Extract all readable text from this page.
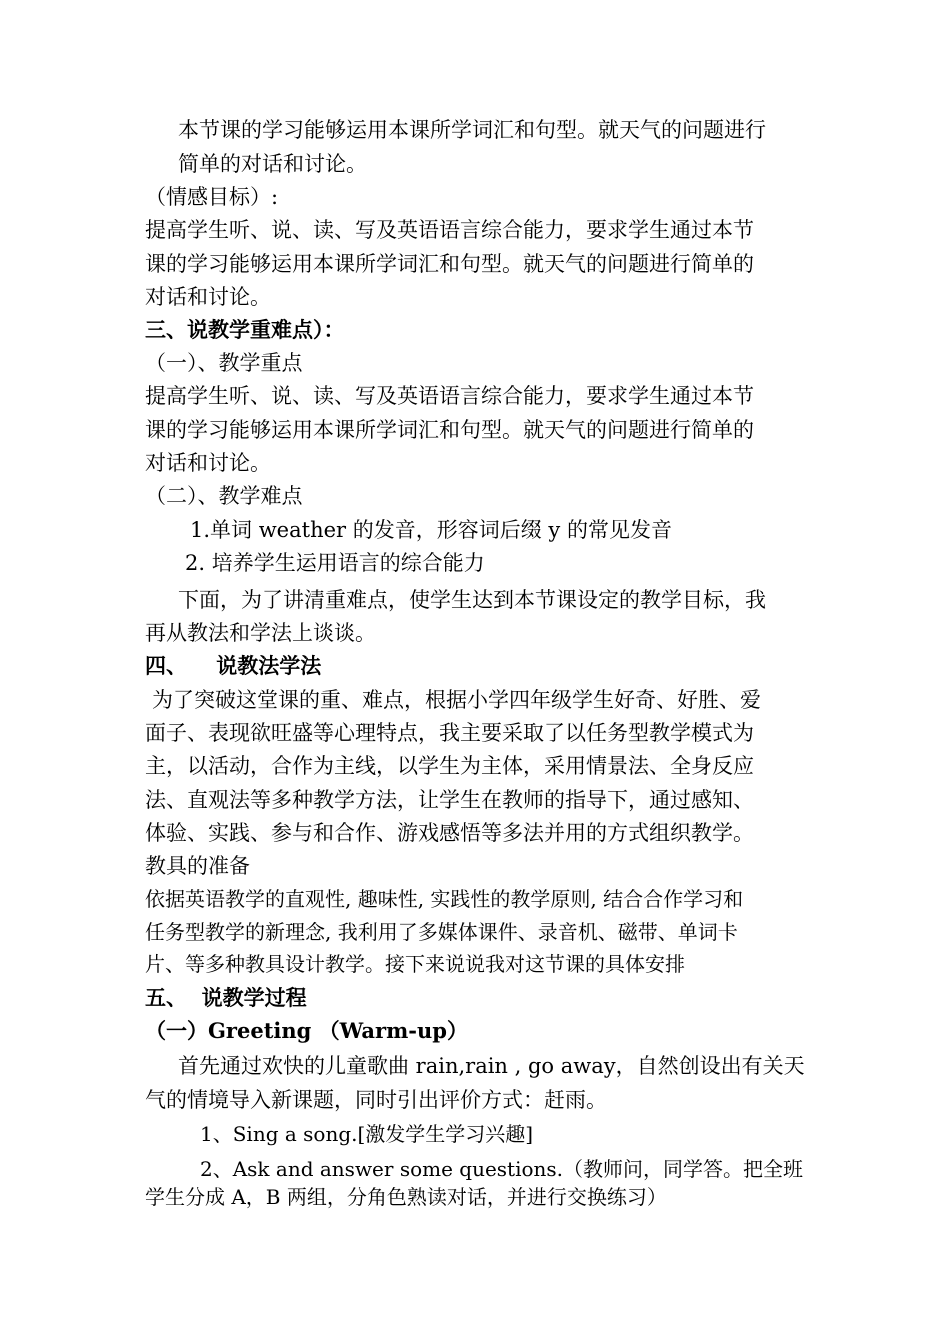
本节课的学习能够运用本课所学词汇和句型。就天气的问题进行
简单的对话和讨论。
（情感目标）:
提高学生听、说、读、写及英语语言综合能力，要求学生通过本节
课的学习能够运用本课所学词汇和句型。就天气的问题进行简单的
对话和讨论。
三、说教学重难点）：
（一）、教学重点
提高学生听、说、读、写及英语语言综合能力，要求学生通过本节
课的学习能够运用本课所学词汇和句型。就天气的问题进行简单的
对话和讨论。
（二）、教学难点
1.单词 weather 的发音，形容词后缀 y 的常见发音
2. 培养学生运用语言的综合能力
下面，为了讲清重难点，使学生达到本节课设定的教学目标，我
再从教法和学法上谈谈。
四、    说教法学法
为了突破这堂课的重、难点，根据小学四年级学生好奇、好胜、爱
面子、表现欲旺盛等心理特点，我主要采取了以任务型教学模式为
主，以活动，合作为主线，以学生为主体，采用情景法、全身反应
法、直观法等多种教学方法，让学生在教师的指导下，通过感知、
体验、实践、参与和合作、游戏感悟等多法并用的方式组织教学。
教具的准备
依据英语教学的直观性, 趣味性, 实践性的教学原则, 结合合作学习和
任务型教学的新理念, 我利用了多媒体课件、录音机、磁带、单词卡
片、等多种教具设计教学。接下来说说我对这节课的具体安排
五、  说教学过程
（一）Greeting （Warm-up）
首先通过欢快的儿童歌曲 rain,rain , go away，自然创设出有关天
气的情境导入新课题，同时引出评价方式：赶雨。
1、Sing a song.[激发学生学习兴趣]
2、Ask and answer some questions.（教师问，同学答。把全班
学生分成 A，B 两组，分角色熟读对话，并进行交换练习）
